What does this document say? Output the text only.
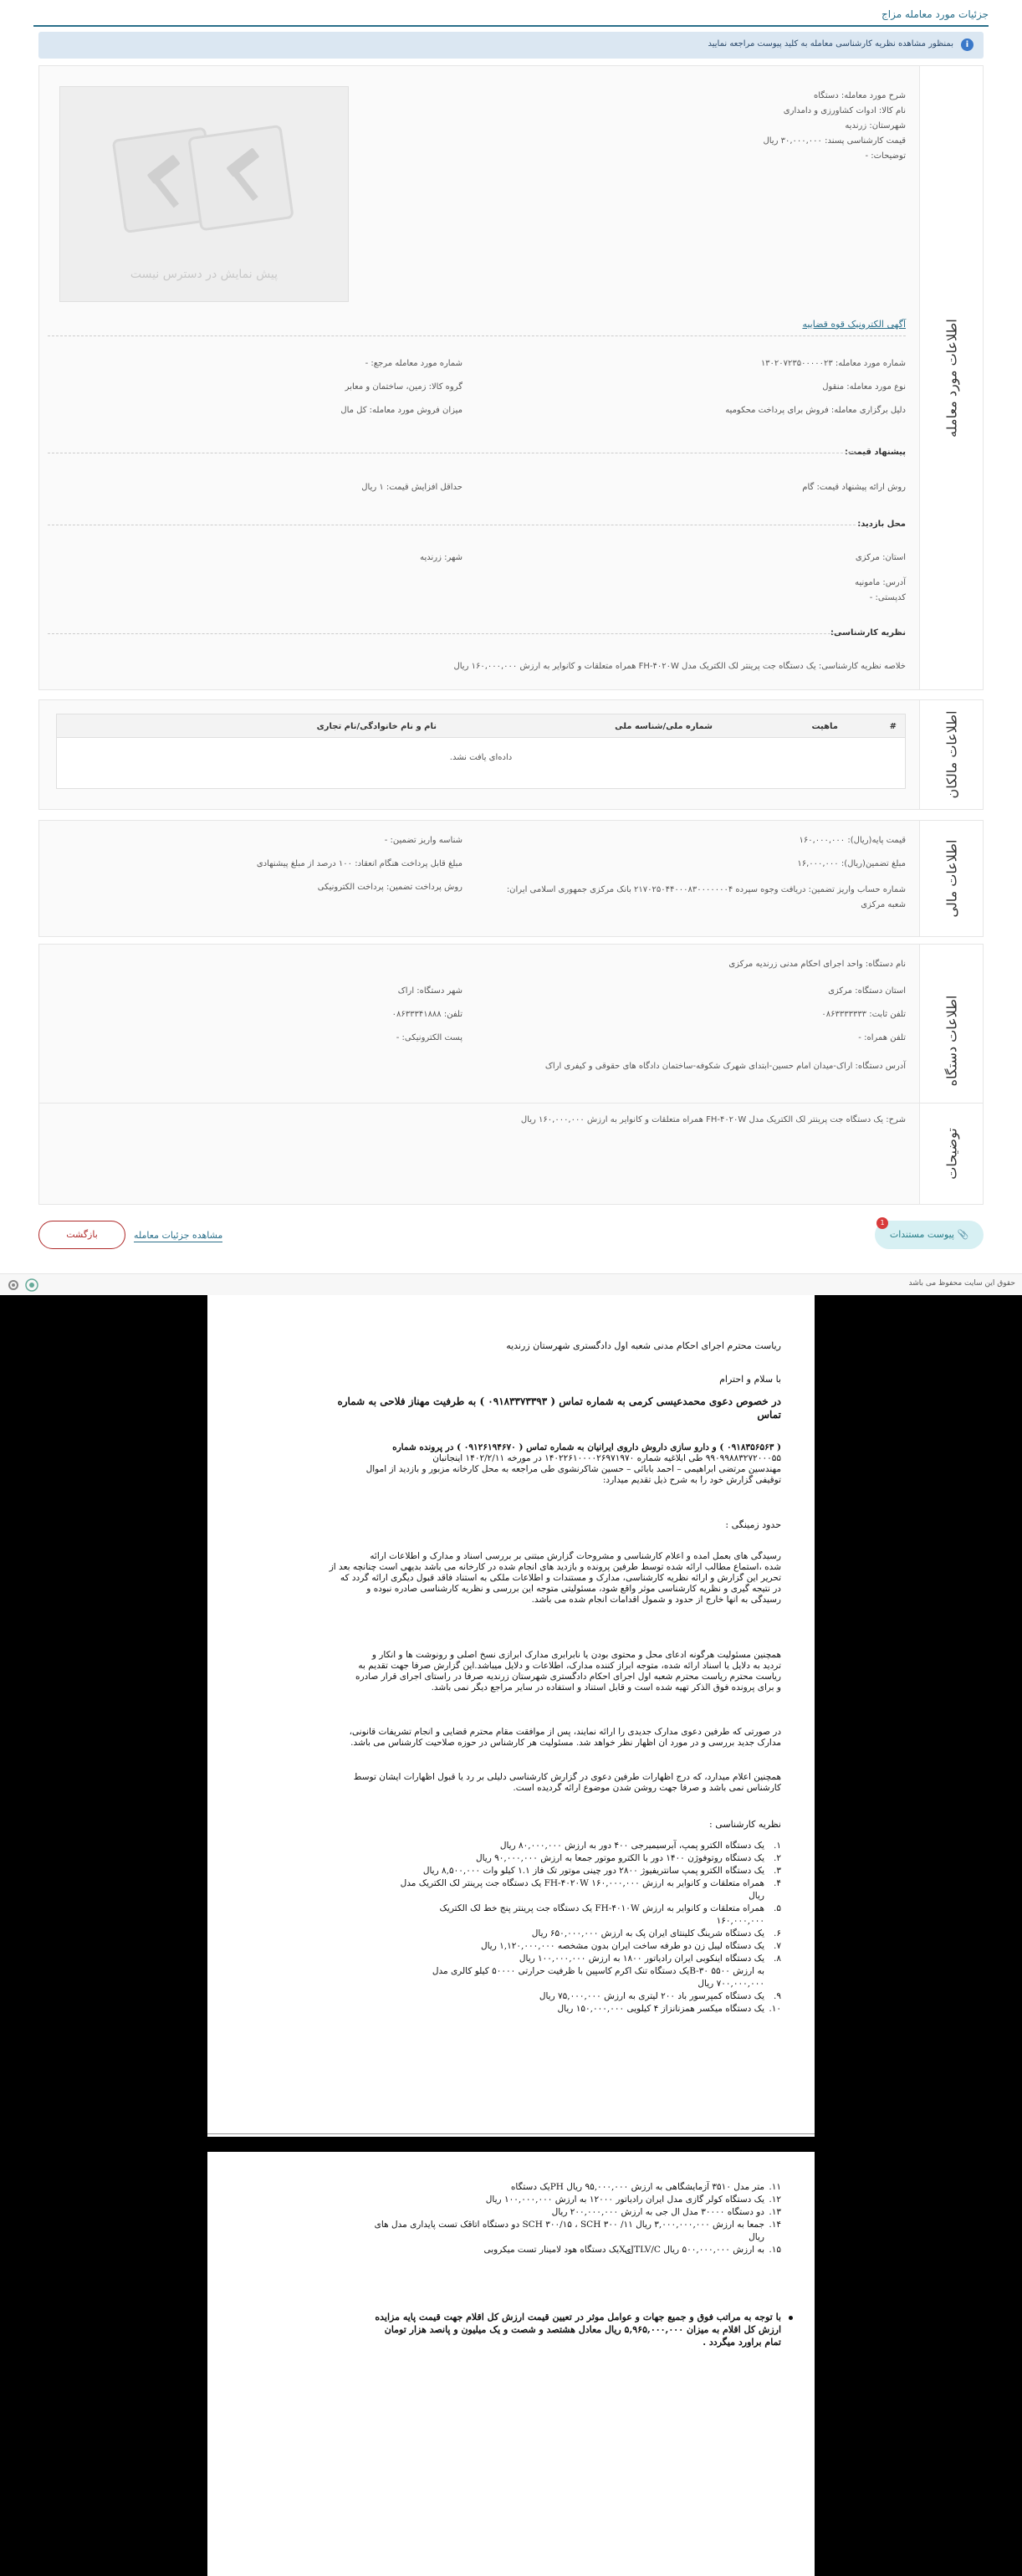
جزئیات مورد معامله مزاج
i
بمنظور مشاهده نظریه کارشناسی معامله به کلید پیوست مراجعه نمایید
اطلاعات مورد معامله
شرح مورد معامله: دستگاه
نام کالا: ادوات کشاورزی و دامداری
شهرستان: زرندیه
قیمت کارشناسی پسند: ۳۰,۰۰۰,۰۰۰ ریال
توضیحات: -
پیش نمایش در دسترس نیست
آگهی الکترونیک قوه قضاییه
شماره مورد معامله: ۱۳۰۲۰۷۲۳۵۰۰۰۰۰۲۳
شماره مورد معامله مرجع: -
نوع مورد معامله: منقول
گروه کالا: زمین، ساختمان و معابر
دلیل برگزاری معامله: فروش برای پرداخت محکومیه
میزان فروش مورد معامله: کل مال
پیشنهاد قیمت:
روش ارائه پیشنهاد قیمت: گام
حداقل افزایش قیمت: ۱ ریال
محل بازدید:
استان: مرکزی
شهر: زرندیه
آدرس: مامونیه
کدپستی: -
نظریه کارشناسی:
خلاصه نظریه کارشناسی: یک دستگاه جت پرینتر لک الکتریک مدل FH-۴۰۲۰W همراه متعلقات و کانوایر به ارزش ۱۶۰,۰۰۰,۰۰۰ ریال
اطلاعات مالکان
#
ماهیت
شماره ملی/شناسه ملی
نام و نام خانوادگی/نام تجاری
داده‌ای یافت نشد.
اطلاعات مالی
قیمت پایه(ریال): ۱۶۰,۰۰۰,۰۰۰
شناسه واریز تضمین: -
مبلغ تضمین(ریال): ۱۶,۰۰۰,۰۰۰
مبلغ قابل پرداخت هنگام انعقاد: ۱۰۰ درصد از مبلغ پیشنهادی
شماره حساب واریز تضمین: دریافت وجوه سپرده ۲۱۷۰۲۵۰۴۴۰۰۰۸۳۰۰۰۰۰۰۰۴ بانک مرکزی جمهوری اسلامی ایران: شعبه مرکزی
روش پرداخت تضمین: پرداخت الکترونیکی
اطلاعات دستگاه
نام دستگاه: واحد اجرای احکام مدنی زرندیه مرکزی
استان دستگاه: مرکزی
شهر دستگاه: اراک
تلفن ثابت: ۰۸۶۳۳۳۳۳۳۳
تلفن: ۰۸۶۳۳۳۴۱۸۸۸
تلفن همراه: -
پست الکترونیکی: -
آدرس دستگاه: اراک-میدان امام حسین-ابتدای شهرک شکوفه-ساختمان دادگاه های حقوقی و کیفری اراک
توضیحات
شرح: یک دستگاه جت پرینتر لک الکتریک مدل FH-۴۰۲۰W همراه متعلقات و کانوایر به ارزش ۱۶۰,۰۰۰,۰۰۰ ریال
📎 پیوست مستندات
1
مشاهده جزئیات معامله
بازگشت
حقوق این سایت محفوظ می باشد
ریاست محترم اجرای احکام مدنی شعبه اول دادگستری شهرستان زرندیه
با سلام و احترام
در خصوص دعوی محمدعیسی کرمی به شماره تماس ( ۰۹۱۸۳۳۷۳۳۹۳ ) به طرفیت مهناز فلاحی به شماره
تماس
( ۰۹۱۸۳۵۶۵۶۳ ) و دارو سازی داروش داروی ایرانیان به شماره تماس ( ۰۹۱۲۶۱۹۴۶۷۰ ) در پرونده شماره
۹۹۰۹۹۸۸۳۲۷۲۰۰۰۵۵ طی ابلاغیه شماره ۱۴۰۲۲۶۱۰۰۰۰۲۶۹۷۱۹۷۰ در مورخه ۱۴۰۲/۲/۱۱ اینجانبان
مهندسین مرتضی ابراهیمی – احمد بابائی – حسین شاکرنشوی طی مراجعه به محل کارخانه مزبور و بازدید از اموال
توقیفی گزارش خود را به شرح ذیل تقدیم میدارد:
حدود زمینگی :
رسیدگی های بعمل آمده و اعلام کارشناسی و مشروحات گزارش مبتنی بر بررسی اسناد و مدارک و اطلاعات ارائه
شده ،استماع مطالب ارائه شده توسط طرفین پرونده و بازدید های انجام شده در کارخانه می باشد بدیهی است چنانچه بعد از
تحریر این گزارش و ارائه نظریه کارشناسی، مدارک و مستندات و اطلاعات ملکی به استناد فاقد قبول دیگری ارائه گردد که
در نتیجه گیری و نظریه کارشناسی موثر واقع شود، مسئولیتی متوجه این بررسی و نظریه کارشناسی صادره نبوده و
رسیدگی به آنها خارج از حدود و شمول اقدامات انجام شده می باشد.
همچنین مسئولیت هرگونه ادعای محل و محتوی بودن یا نابرابری مدارک ابرازی نسخ اصلی و رونوشت ها و انکار و
تردید به دلایل یا اسناد ارائه شده، متوجه ابراز کننده مدارک، اطلاعات و دلایل میباشد.این گزارش صرفا جهت تقدیم به
ریاست محترم ریاست محترم شعبه اول اجرای احکام دادگستری شهرستان زرندیه صرفا در راستای اجرای قرار صادره
و برای پرونده فوق الذکر تهیه شده است و قابل استناد و استفاده در سایر مراجع دیگر نمی باشد.
در صورتی که طرفین دعوی مدارک جدیدی را ارائه نمایند، پس از موافقت مقام محترم قضایی و انجام تشریفات قانونی،
مدارک جدید بررسی و در مورد آن اظهار نظر خواهد شد. مسئولیت هر کارشناس در حوزه صلاحیت کارشناس می باشد.
همچنین اعلام میدارد، که درج اظهارات طرفین دعوی در گزارش کارشناسی دلیلی بر رد یا قبول اظهارات ایشان توسط
کارشناس نمی باشد و صرفا جهت روشن شدن موضوع ارائه گردیده است.
نظریه کارشناسی :
۱.
یک دستگاه الکترو پمپ، آبرسیمیرجی ۴۰۰ دور به ارزش ۸۰,۰۰۰,۰۰۰ ریال
۲.
یک دستگاه روتوفوژن ۱۴۰۰ دور با الکترو موتور جمعا به ارزش ۹۰,۰۰۰,۰۰۰ ریال
۳.
یک دستگاه الکترو پمپ سانتریفیوژ ۲۸۰۰ دور چینی موتور تک فاز ۱.۱ کیلو وات ۸,۵۰۰,۰۰۰ ریال
۴.
همراه متعلقات و کانوایر به ارزش ۱۶۰,۰۰۰,۰۰۰ FH-۴۰۲۰W یک دستگاه جت پرینتر لک الکتریک مدل
ریال
۵.
همراه متعلقات و کانوایر به ارزش FH-۴۰۱۰W یک دستگاه جت پرینتر پنج خط لک الکتریک
۱۶۰,۰۰۰,۰۰۰
۶.
یک دستگاه شرینگ کلینتای ایران پک به ارزش ۶۵۰,۰۰۰,۰۰۰ ریال
۷.
یک دستگاه لیبل زن دو طرفه ساخت ایران بدون مشخصه ۱,۱۲۰,۰۰۰,۰۰۰ ریال
۸.
یک دستگاه اینکوبی ایران رادیاتور ۱۸۰۰ به ارزش ۱۰۰,۰۰۰,۰۰۰ ریال
به ارزش ۵۵۰۰ B-۳۰یک دستگاه تنک اکرم کاسپین با ظرفیت حرارتی ۵۰۰۰۰ کیلو کالری مدل
۷۰۰,۰۰۰,۰۰۰ ریال
۹.
یک دستگاه کمپرسور باد ۲۰۰ لیتری به ارزش ۷۵,۰۰۰,۰۰۰ ریال
۱۰.
یک دستگاه میکسر همزنانزاز ۴ کیلویی ۱۵۰,۰۰۰,۰۰۰ ریال
۱۱.
متر مدل ۳۵۱۰ آزمایشگاهی به ارزش ۹۵,۰۰۰,۰۰۰ ریال PHیک دستگاه
۱۲.
یک دستگاه کولر گازی مدل ایران رادیاتور ۱۲۰۰۰ به ارزش ۱۰۰,۰۰۰,۰۰۰ ریال
۱۳.
دو دستگاه ۳۰۰۰۰ مدل ال جی به ارزش ۲۰۰,۰۰۰,۰۰۰ ریال
۱۴.
جمعا به ارزش ۳,۰۰۰,۰۰۰,۰۰۰ ریال SCH ۳۰۰/۱۵ ، SCH ۳۰۰ /۱۱ دو دستگاه اتاقک تست پایداری مدل های
ریال
۱۵.
به ارزش ۵۰۰,۰۰۰,۰۰۰ ریال JTLV/CۍXیک دستگاه هود لامینار تست میکروبی
با توجه به مراتب فوق و جمیع جهات و عوامل موثر در تعیین قیمت ارزش کل اقلام جهت قیمت پایه مزایده
ارزش کل اقلام به میزان ۵,۹۶۵,۰۰۰,۰۰۰ ریال معادل هشتصد و شصت و یک میلیون و پانصد هزار تومان
تمام براورد میگردد .
